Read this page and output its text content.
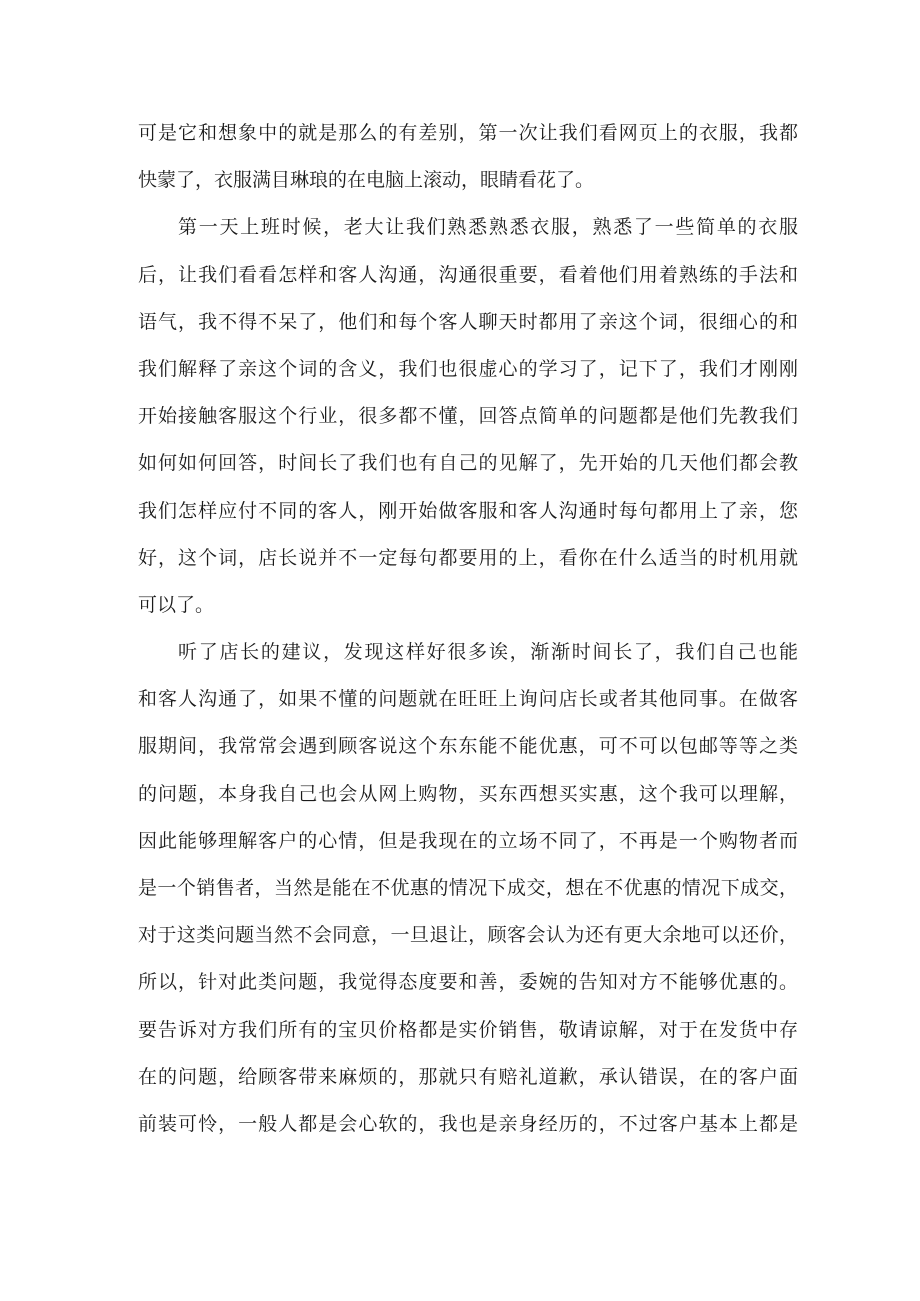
可是它和想象中的就是那么的有差别，第一次让我们看网页上的衣服，我都
快蒙了，衣服满目琳琅的在电脑上滚动，眼睛看花了。
第一天上班时候，老大让我们熟悉熟悉衣服，熟悉了一些简单的衣服
后，让我们看看怎样和客人沟通，沟通很重要，看着他们用着熟练的手法和
语气，我不得不呆了，他们和每个客人聊天时都用了亲这个词，很细心的和
我们解释了亲这个词的含义，我们也很虚心的学习了，记下了，我们才刚刚
开始接触客服这个行业，很多都不懂，回答点简单的问题都是他们先教我们
如何如何回答，时间长了我们也有自己的见解了，先开始的几天他们都会教
我们怎样应付不同的客人，刚开始做客服和客人沟通时每句都用上了亲，您
好，这个词，店长说并不一定每句都要用的上，看你在什么适当的时机用就
可以了。
听了店长的建议，发现这样好很多诶，渐渐时间长了，我们自己也能
和客人沟通了，如果不懂的问题就在旺旺上询问店长或者其他同事。在做客
服期间，我常常会遇到顾客说这个东东能不能优惠，可不可以包邮等等之类
的问题，本身我自己也会从网上购物，买东西想买实惠，这个我可以理解，
因此能够理解客户的心情，但是我现在的立场不同了，不再是一个购物者而
是一个销售者，当然是能在不优惠的情况下成交，想在不优惠的情况下成交，
对于这类问题当然不会同意，一旦退让，顾客会认为还有更大余地可以还价，
所以，针对此类问题，我觉得态度要和善，委婉的告知对方不能够优惠的。
要告诉对方我们所有的宝贝价格都是实价销售，敬请谅解，对于在发货中存
在的问题，给顾客带来麻烦的，那就只有赔礼道歉，承认错误，在的客户面
前装可怜，一般人都是会心软的，我也是亲身经历的，不过客户基本上都是
